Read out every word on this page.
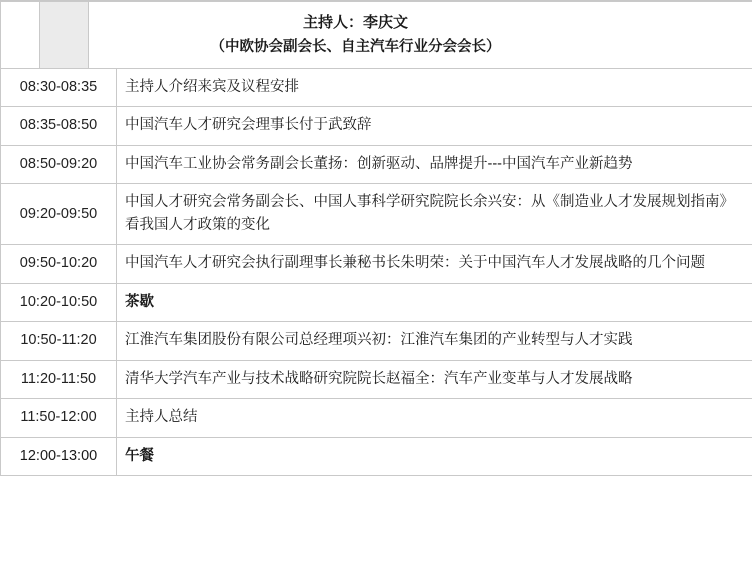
主持人：李庆文
（中欧协会副会长、自主汽车行业分会会长）	

08:30-08:35	主持人介绍来宾及议程安排
08:35-08:50	中国汽车人才研究会理事长付于武致辞
08:50-09:20	中国汽车工业协会常务副会长董扬：创新驱动、品牌提升---中国汽车产业新趋势
09:20-09:50	中国人才研究会常务副会长、中国人事科学研究院院长余兴安：从《制造业人才发展规划指南》看我国人才政策的变化
09:50-10:20	中国汽车人才研究会执行副理事长兼秘书长朱明荣：关于中国汽车人才发展战略的几个问题
10:20-10:50	茶歇
10:50-11:20	江淮汽车集团股份有限公司总经理项兴初：江淮汽车集团的产业转型与人才实践
11:20-11:50	清华大学汽车产业与技术战略研究院院长赵福全：汽车产业变革与人才发展战略
11:50-12:00	主持人总结
12:00-13:00	午餐
